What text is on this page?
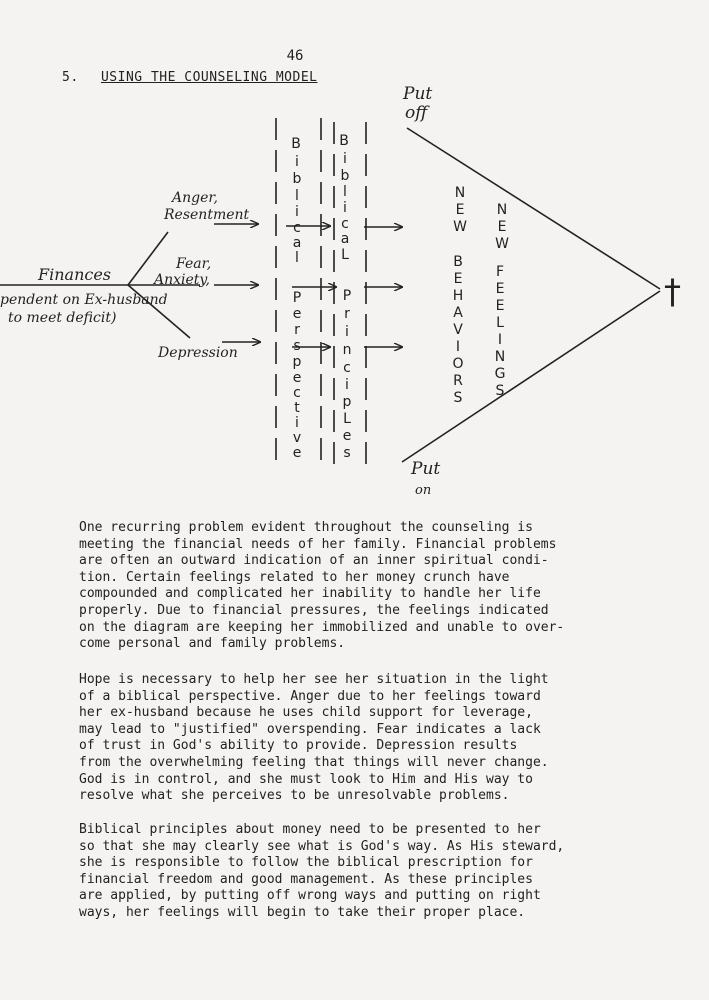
46
5. USING THE COUNSELING MODEL
Put
off
Put
on
†
Finances
pendent on Ex-husband
to meet deficit)
Anger,
Resentment
Fear,
Anxiety,
Depression
B
i
b
l
i
c
a
l
P
e
r
s
p
e
c
t
i
v
e
B
i
b
l
i
c
a
L
P
r
i
n
c
i
p
L
e
s
N
E
W
B
E
H
A
V
I
O
R
S
N
E
W
F
E
E
L
I
N
G
S

One recurring problem evident throughout the counseling is

meeting the financial needs of her family. Financial problems

are often an outward indication of an inner spiritual condi-

tion. Certain feelings related to her money crunch have

compounded and complicated her inability to handle her life

properly. Due to financial pressures, the feelings indicated

on the diagram are keeping her immobilized and unable to over-

come personal and family problems.

Hope is necessary to help her see her situation in the light

of a biblical perspective. Anger due to her feelings toward

her ex-husband because he uses child support for leverage,

may lead to "justified" overspending. Fear indicates a lack

of trust in God's ability to provide. Depression results

from the overwhelming feeling that things will never change.

God is in control, and she must look to Him and His way to

resolve what she perceives to be unresolvable problems.

Biblical principles about money need to be presented to her

so that she may clearly see what is God's way. As His steward,

she is responsible to follow the biblical prescription for

financial freedom and good management. As these principles

are applied, by putting off wrong ways and putting on right

ways, her feelings will begin to take their proper place.
